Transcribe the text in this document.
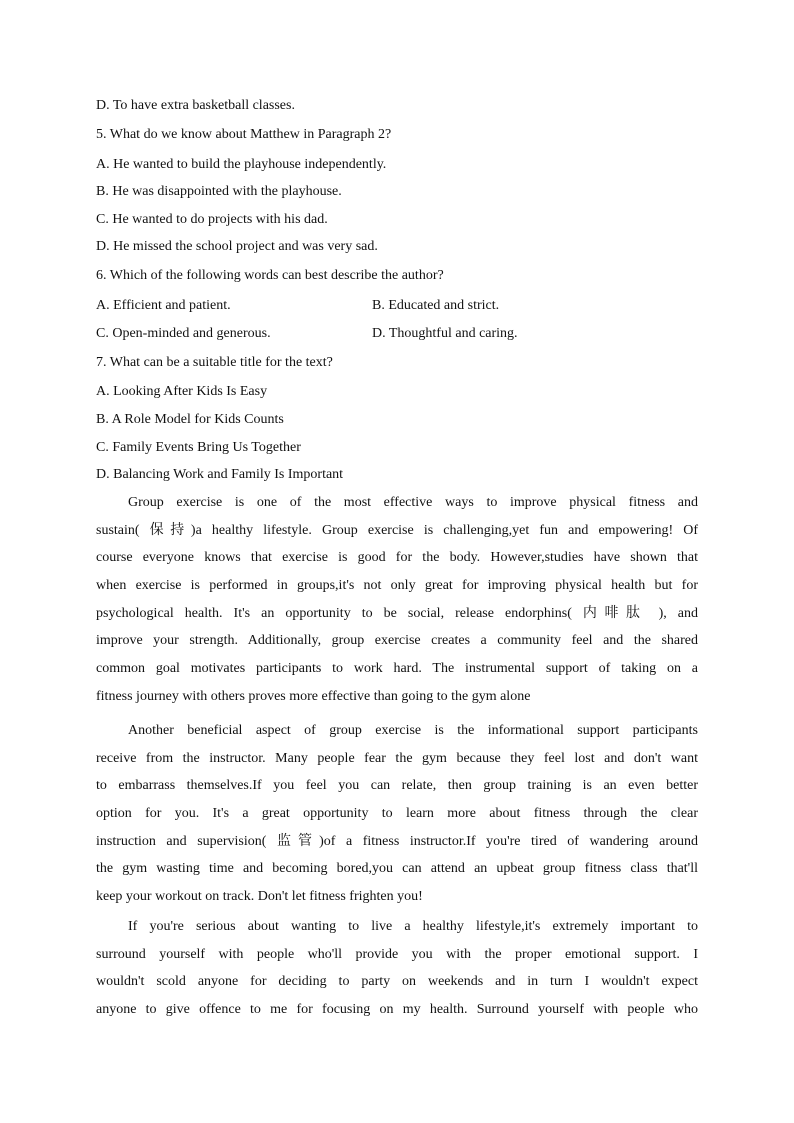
D. To have extra basketball classes.
5. What do we know about Matthew in Paragraph 2?
A. He wanted to build the playhouse independently.
B. He was disappointed with the playhouse.
C. He wanted to do projects with his dad.
D. He missed the school project and was very sad.
6. Which of the following words can best describe the author?
A. Efficient and patient.	B. Educated and strict.
C. Open-minded and generous.	D. Thoughtful and caring.
7. What can be a suitable title for the text?
A. Looking After Kids Is Easy
B. A Role Model for Kids Counts
C. Family Events Bring Us Together
D. Balancing Work and Family Is Important
Group exercise is one of the most effective ways to improve physical fitness and
sustain( 保持)a healthy lifestyle. Group exercise is challenging,yet fun and empowering! Of
course everyone knows that exercise is good for the body. However,studies have shown that
when exercise is performed in groups,it's not only great for improving physical health but for
psychological health. It's an opportunity to be social, release endorphins( 内啡肽 ), and
improve your strength. Additionally, group exercise creates a community feel and the shared
common goal motivates participants to work hard. The instrumental support of taking on a
fitness journey with others proves more effective than going to the gym alone
Another beneficial aspect of group exercise is the informational support participants
receive from the instructor. Many people fear the gym because they feel lost and don't want
to embarrass themselves.If you feel you can relate, then group training is an even better
option for you. It's a great opportunity to learn more about fitness through the clear
instruction and supervision( 监管)of a fitness instructor.If you're tired of wandering around
the gym wasting time and becoming bored,you can attend an upbeat group fitness class that'll
keep your workout on track. Don't let fitness frighten you!
If you're serious about wanting to live a healthy lifestyle,it's extremely important to
surround yourself with people who'll provide you with the proper emotional support. I
wouldn't scold anyone for deciding to party on weekends and in turn I wouldn't expect
anyone to give offence to me for focusing on my health. Surround yourself with people who
